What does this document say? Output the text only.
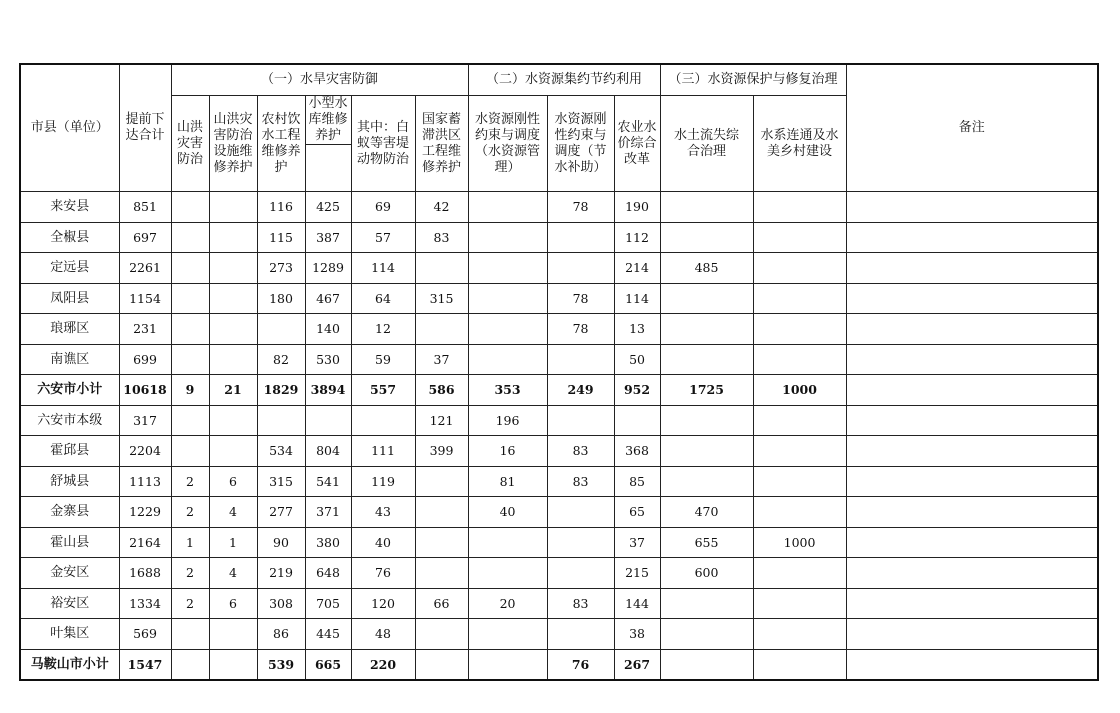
市县（单位）	提前下达合计	（一）水旱灾害防御						（二）水资源集约节约利用			（三）水资源保护与修复治理		备注
		山洪灾害防治	山洪灾害防治设施维修养护	农村饮水工程维修养护	小型水库维修养护	其中：白蚁等害堤动物防治	国家蓄滞洪区工程维修养护	水资源刚性约束与调度（水资源管理）	水资源刚性约束与调度（节水补助）	农业水价综合改革	水土流失综合治理	水系连通及水美乡村建设	

来安县	851			116	425	69	42		78	190			
全椒县	697			115	387	57	83			112			
定远县	2261			273	1289	114				214	485		
凤阳县	1154			180	467	64	315		78	114			
琅琊区	231				140	12			78	13			
南谯区	699			82	530	59	37			50			
六安市小计	10618	9	21	1829	3894	557	586	353	249	952	1725	1000	
六安市本级	317						121	196					
霍邱县	2204			534	804	111	399	16	83	368			
舒城县	1113	2	6	315	541	119		81	83	85			
金寨县	1229	2	4	277	371	43		40		65	470		
霍山县	2164	1	1	90	380	40				37	655	1000	
金安区	1688	2	4	219	648	76				215	600		
裕安区	1334	2	6	308	705	120	66	20	83	144			
叶集区	569			86	445	48				38			
马鞍山市小计	1547			539	665	220			76	267			
